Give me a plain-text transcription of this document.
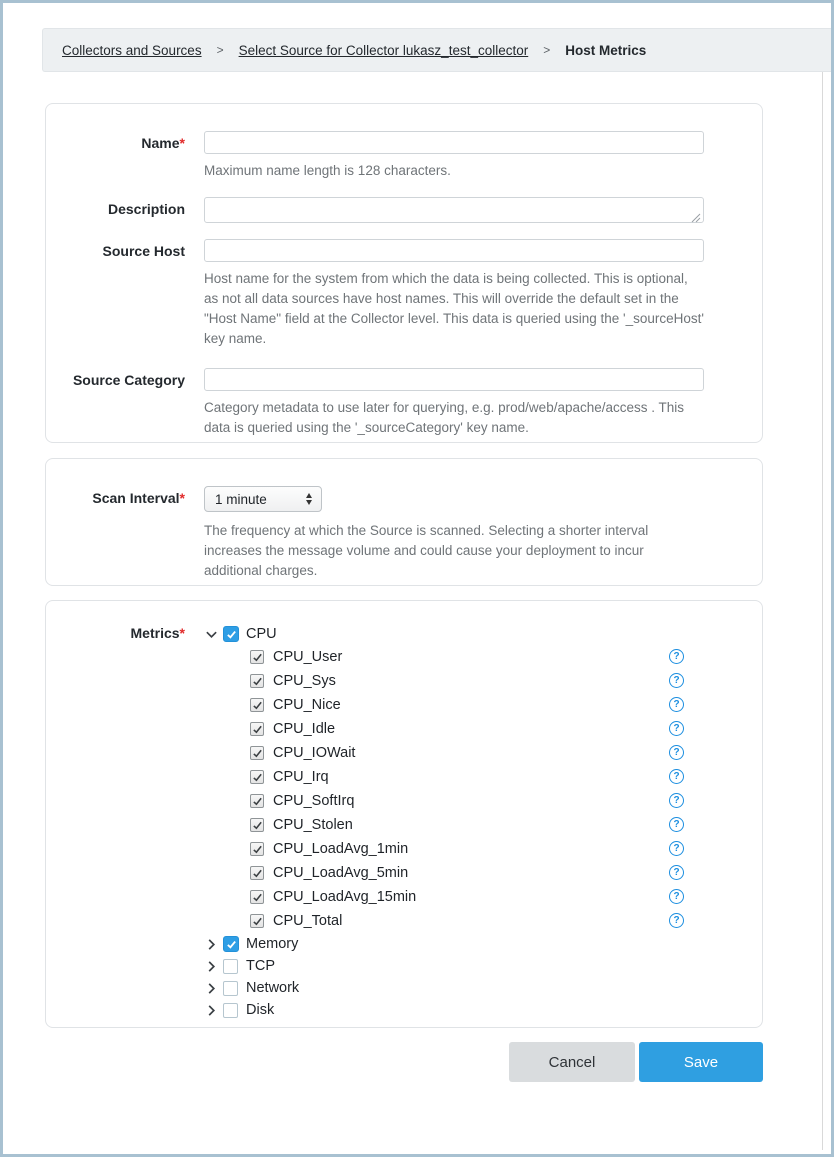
Collectors and Sources > Select Source for Collector lukasz_test_collector > Host Metrics
Name*
Maximum name length is 128 characters.
Description
Source Host
Host name for the system from which the data is being collected. This is optional, as not all data sources have host names. This will override the default set in the "Host Name" field at the Collector level. This data is queried using the '_sourceHost' key name.
Source Category
Category metadata to use later for querying, e.g. prod/web/apache/access . This data is queried using the '_sourceCategory' key name.
Scan Interval* 1 minute
The frequency at which the Source is scanned. Selecting a shorter interval increases the message volume and could cause your deployment to incur additional charges.
Metrics*	CPU
CPU_User	?
CPU_Sys	?
CPU_Nice	?
CPU_Idle	?
CPU_IOWait	?
CPU_Irq	?
CPU_SoftIrq	?
CPU_Stolen	?
CPU_LoadAvg_1min	?
CPU_LoadAvg_5min	?
CPU_LoadAvg_15min	?
CPU_Total	?
Memory
TCP
Network
Disk
Cancel	Save
